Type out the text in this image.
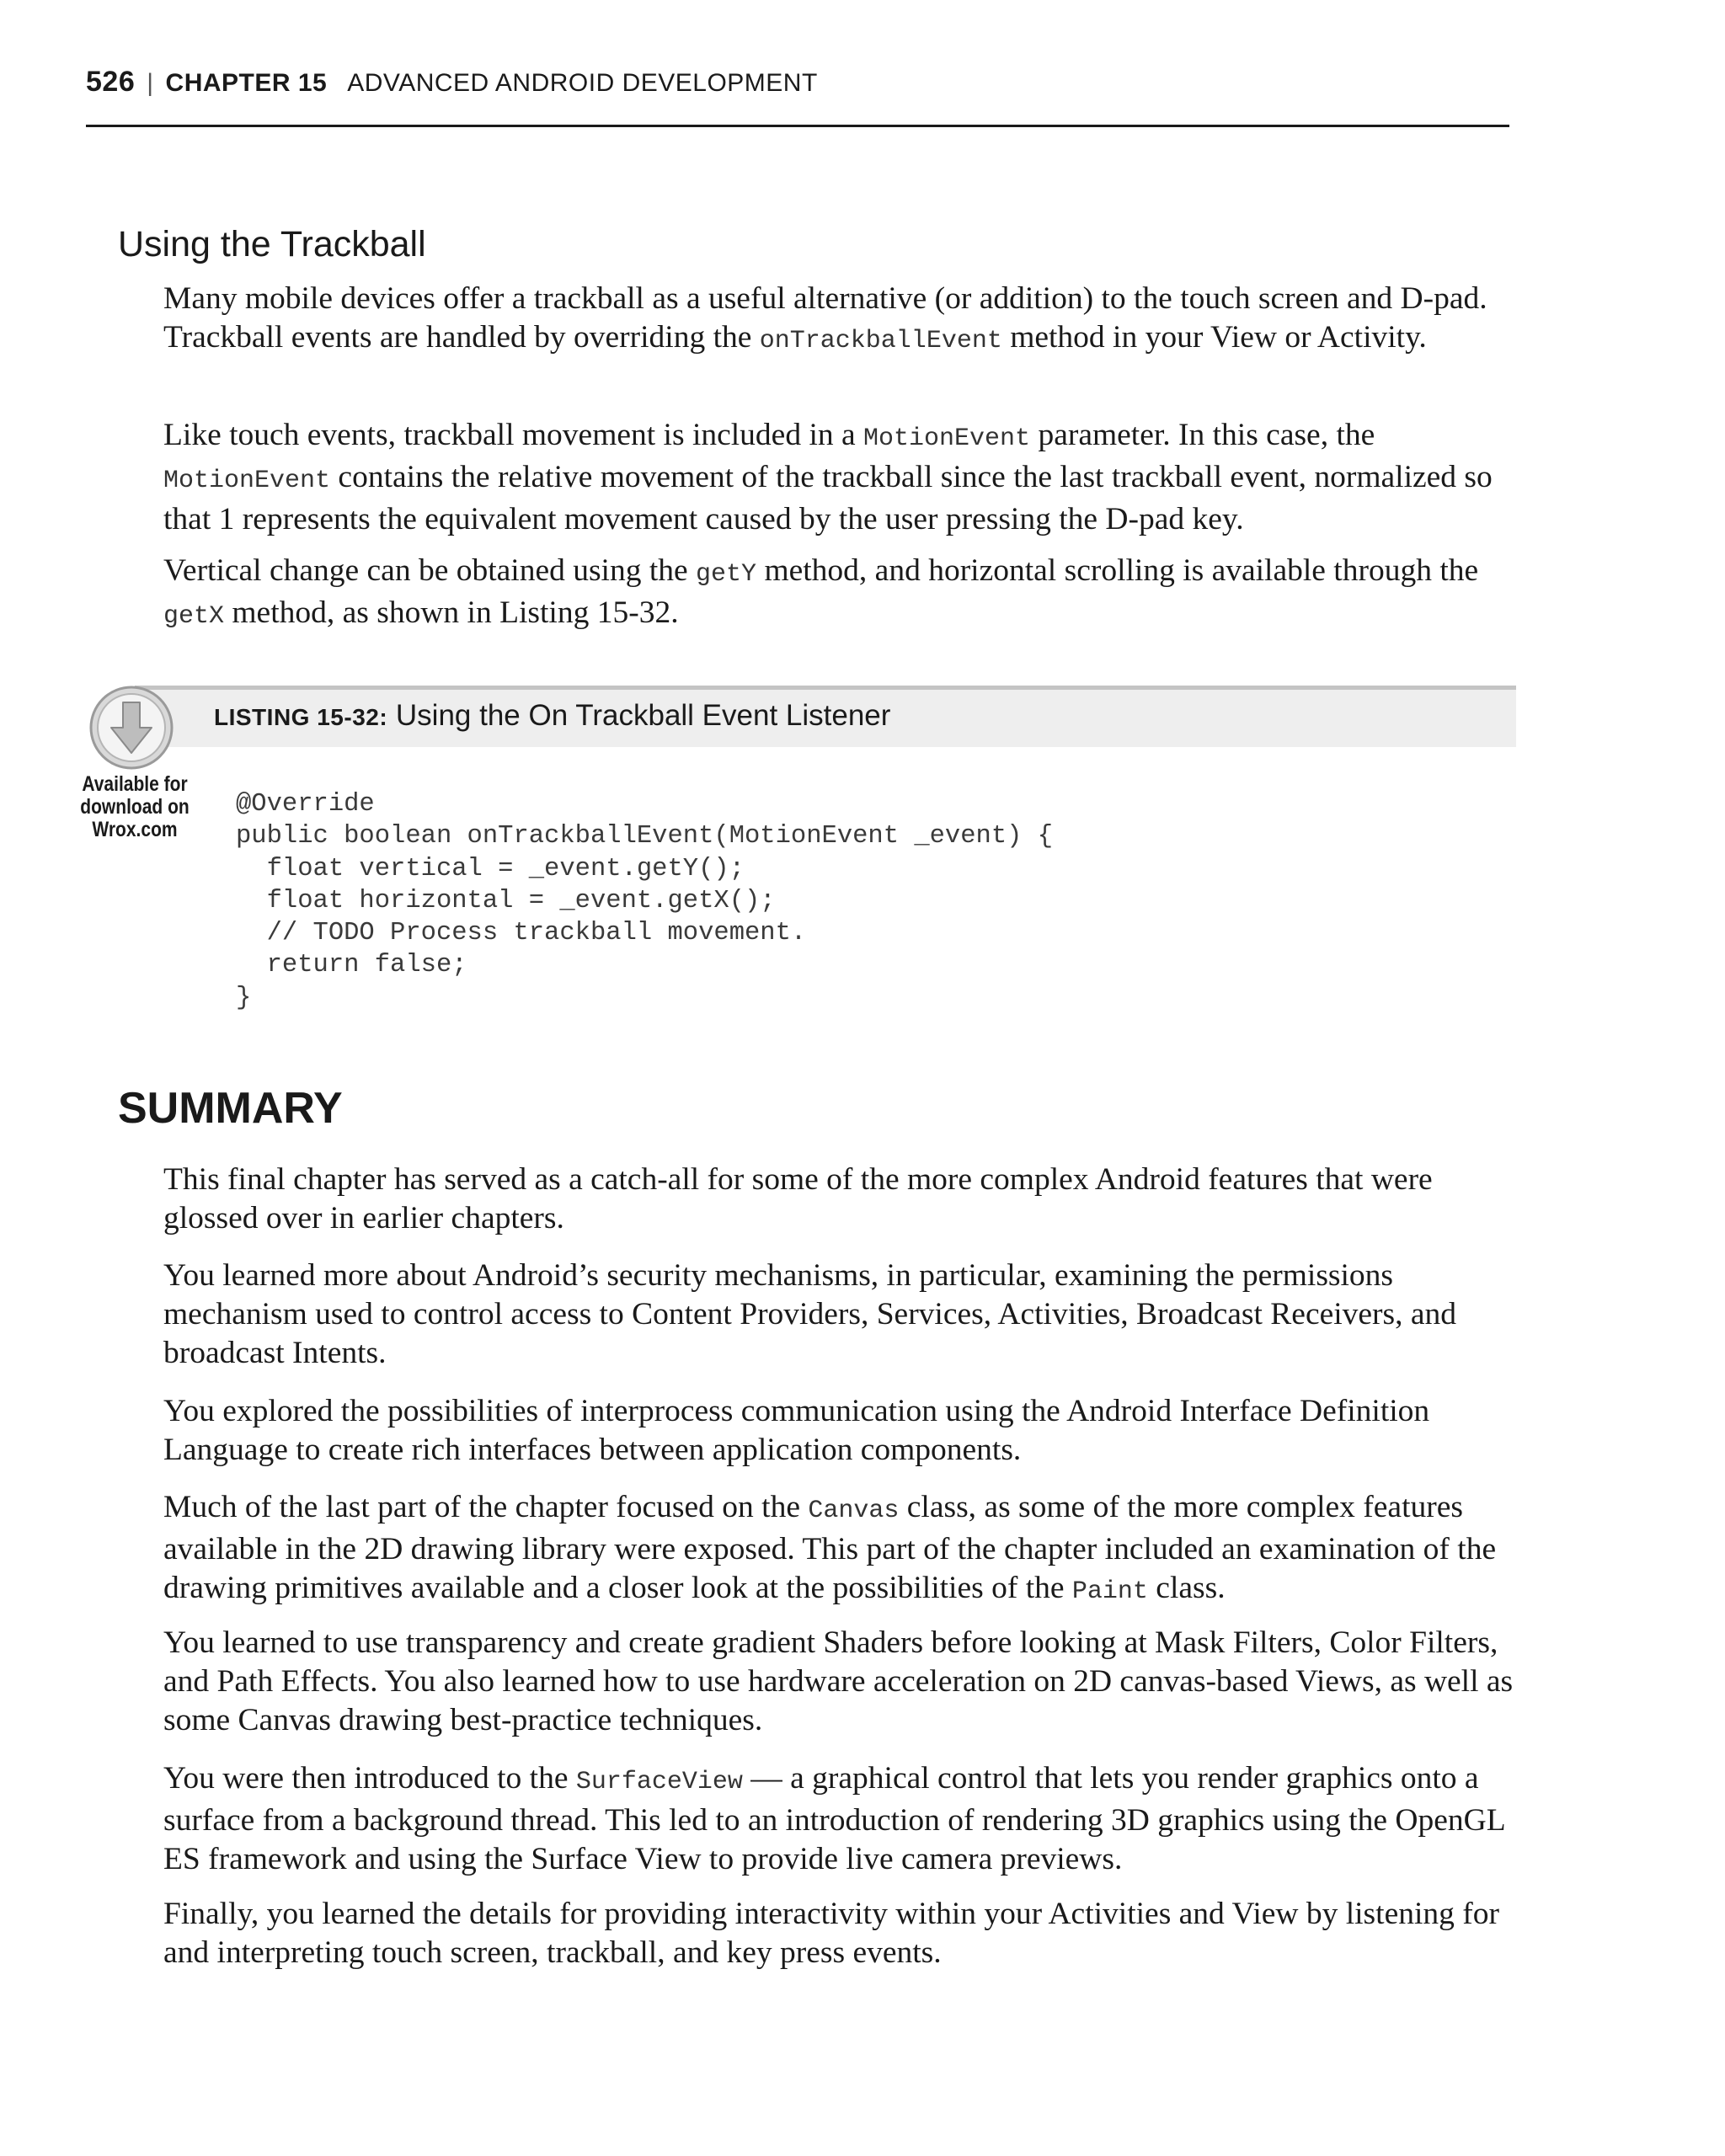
526 | CHAPTER 15 ADVANCED ANDROID DEVELOPMENT
Using the Trackball

Many mobile devices offer a trackball as a useful alternative (or addition) to the touch screen and D-pad. Trackball events are handled by overriding the onTrackballEvent method in your View or Activity.

Like touch events, trackball movement is included in a MotionEvent parameter. In this case, the MotionEvent contains the relative movement of the trackball since the last trackball event, normalized so that 1 represents the equivalent movement caused by the user pressing the D-pad key.

Vertical change can be obtained using the getY method, and horizontal scrolling is available through the getX method, as shown in Listing 15-32.

LISTING 15-32: Using the On Trackball Event Listener
Available for
download on
Wrox.com
@Override
public boolean onTrackballEvent(MotionEvent _event) {
float vertical = _event.getY();
float horizontal = _event.getX();
// TODO Process trackball movement.
return false;
}
SUMMARY

This final chapter has served as a catch-all for some of the more complex Android features that were glossed over in earlier chapters.

You learned more about Android’s security mechanisms, in particular, examining the permissions mechanism used to control access to Content Providers, Services, Activities, Broadcast Receivers, and broadcast Intents.

You explored the possibilities of interprocess communication using the Android Interface Definition Language to create rich interfaces between application components.

Much of the last part of the chapter focused on the Canvas class, as some of the more complex features available in the 2D drawing library were exposed. This part of the chapter included an examination of the drawing primitives available and a closer look at the possibilities of the Paint class.

You learned to use transparency and create gradient Shaders before looking at Mask Filters, Color Filters, and Path Effects. You also learned how to use hardware acceleration on 2D canvas-based Views, as well as some Canvas drawing best-practice techniques.

You were then introduced to the SurfaceView — a graphical control that lets you render graphics onto a surface from a background thread. This led to an introduction of rendering 3D graphics using the OpenGL ES framework and using the Surface View to provide live camera previews.

Finally, you learned the details for providing interactivity within your Activities and View by listening for and interpreting touch screen, trackball, and key press events.
